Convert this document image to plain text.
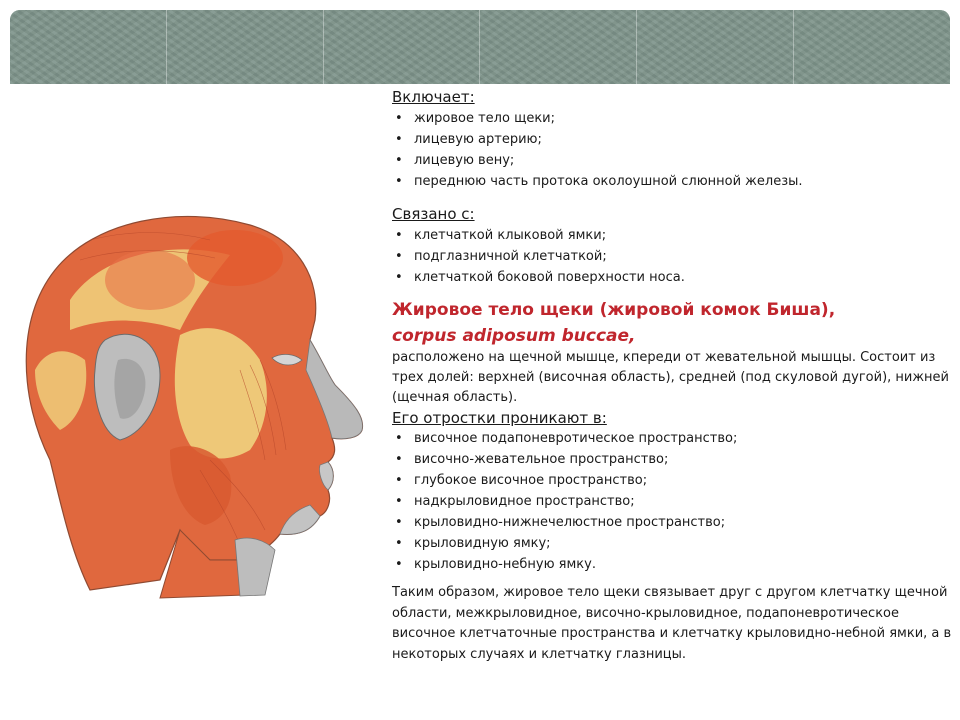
Включает:
• жировое тело щеки;
• лицевую артерию;
• лицевую вену;
• переднюю часть протока околоушной слюнной железы.
Связано с:
• клетчаткой клыковой ямки;
• подглазничной клетчаткой;
• клетчаткой боковой поверхности носа.
Жировое тело щеки (жировой комок Биша),
corpus adiposum buccae,
расположено на щечной мышце, кпереди от жевательной мышцы. Состоит из трех долей: верхней (височная область), средней (под скуловой дугой), нижней (щечная область).
Его отростки проникают в:
• височное подапоневротическое пространство;
• височно-жевательное пространство;
• глубокое височное пространство;
• надкрыловидное пространство;
• крыловидно-нижнечелюстное пространство;
• крыловидную ямку;
• крыловидно-небную ямку.
Таким образом, жировое тело щеки связывает друг с другом клетчатку щечной области, межкрыловидное, височно-крыловидное, подапоневротическое височное клетчаточные пространства и клетчатку крыловидно-небной ямки, а в некоторых случаях и клетчатку глазницы.
